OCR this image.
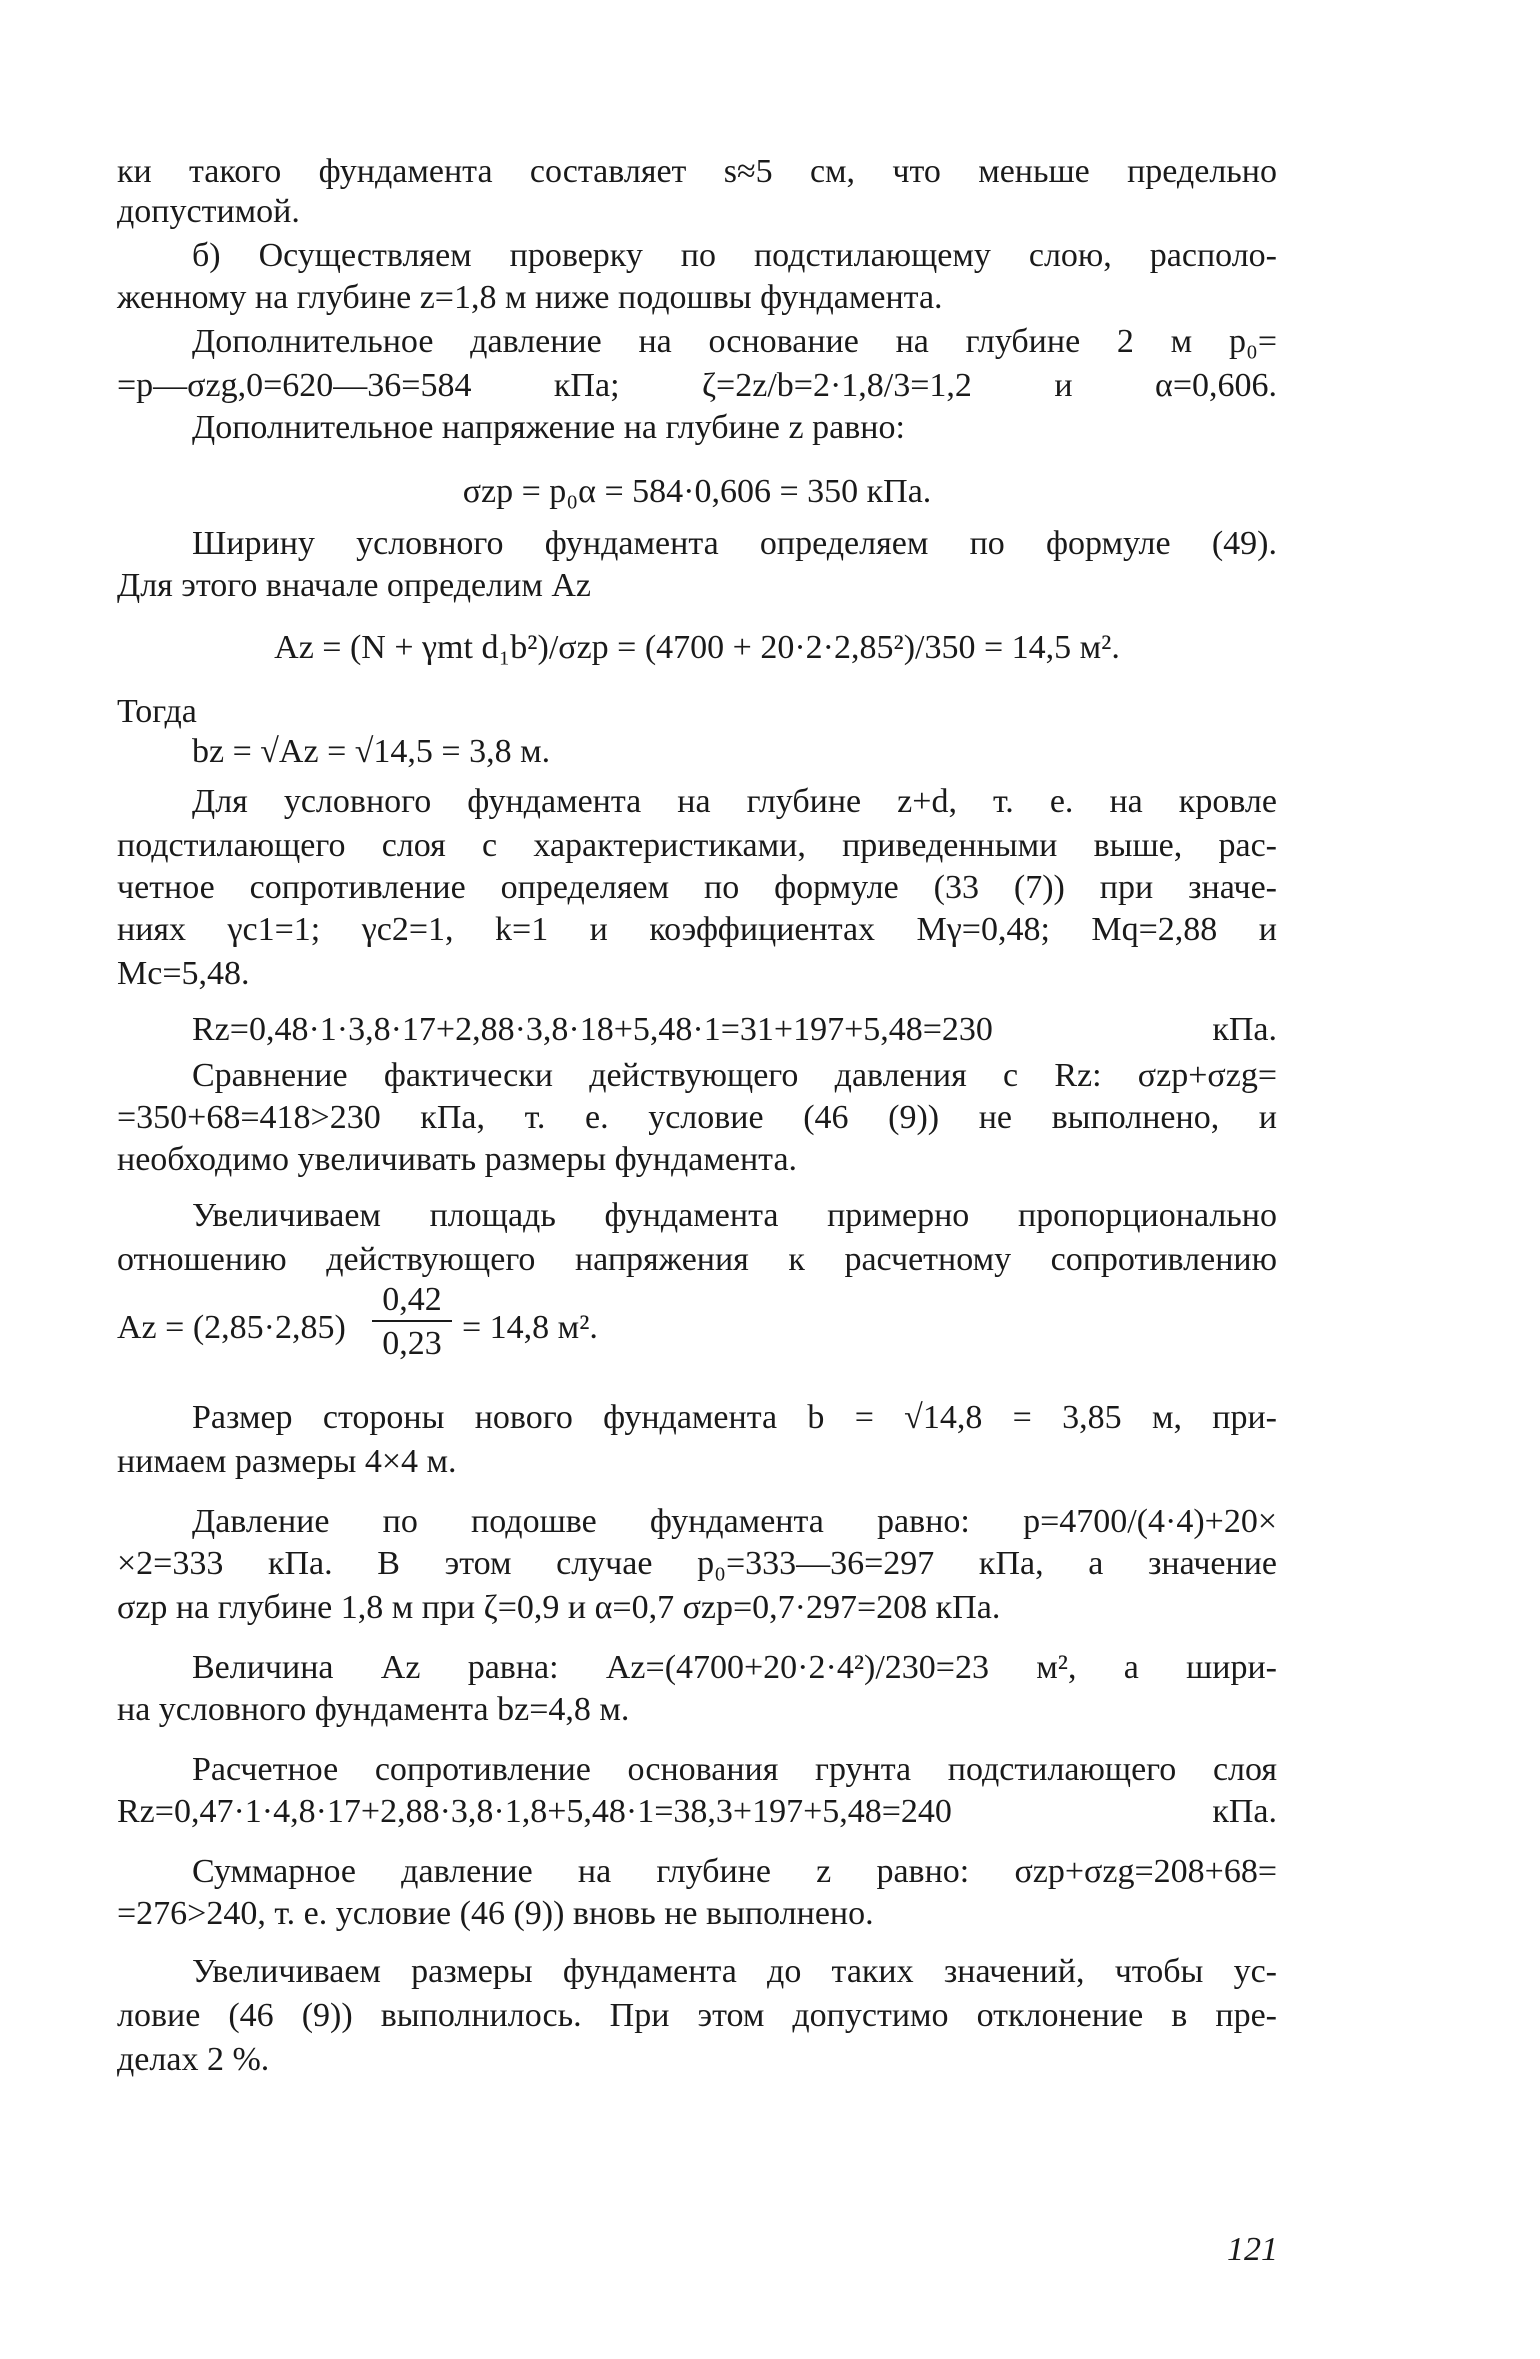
ки такого фундамента составляет s≈5 см, что меньше предельно
допустимой.
б) Осуществляем проверку по подстилающему слою, располо-
женному на глубине z=1,8 м ниже подошвы фундамента.
Дополнительное давление на основание на глубине 2 м p₀=
=p—σzg,0=620—36=584 кПа; ζ=2z/b=2·1,8/3=1,2 и α=0,606.
Дополнительное напряжение на глубине z равно:
σzp = p₀α = 584·0,606 = 350 кПа.
Ширину условного фундамента определяем по формуле (49).
Для этого вначале определим Az
Az = (N + γmt d₁b²)/σzp = (4700 + 20·2·2,85²)/350 = 14,5 м².
Тогда
bz = √Az = √14,5 = 3,8 м.
Для условного фундамента на глубине z+d, т. е. на кровле
подстилающего слоя с характеристиками, приведенными выше, рас-
четное сопротивление определяем по формуле (33 (7)) при значе-
ниях γc1=1; γc2=1, k=1 и коэффициентах Mγ=0,48; Mq=2,88 и
Mc=5,48.
Rz=0,48·1·3,8·17+2,88·3,8·18+5,48·1=31+197+5,48=230 кПа.
Сравнение фактически действующего давления с Rz: σzp+σzg=
=350+68=418>230 кПа, т. е. условие (46 (9)) не выполнено, и
необходимо увеличивать размеры фундамента.
Увеличиваем площадь фундамента примерно пропорционально
отношению действующего напряжения к расчетному сопротивлению
Az = (2,85·2,85)
0,42
0,23 = 14,8 м².
Размер стороны нового фундамента b = √14,8 = 3,85 м, при-
нимаем размеры 4×4 м.
Давление по подошве фундамента равно: p=4700/(4·4)+20×
×2=333 кПа. В этом случае p₀=333—36=297 кПа, а значение
σzp на глубине 1,8 м при ζ=0,9 и α=0,7 σzp=0,7·297=208 кПа.
Величина Az равна: Az=(4700+20·2·4²)/230=23 м², а шири-
на условного фундамента bz=4,8 м.
Расчетное сопротивление основания грунта подстилающего слоя
Rz=0,47·1·4,8·17+2,88·3,8·1,8+5,48·1=38,3+197+5,48=240 кПа.
Суммарное давление на глубине z равно: σzp+σzg=208+68=
=276>240, т. е. условие (46 (9)) вновь не выполнено.
Увеличиваем размеры фундамента до таких значений, чтобы ус-
ловие (46 (9)) выполнилось. При этом допустимо отклонение в пре-
делах 2 %.
121
